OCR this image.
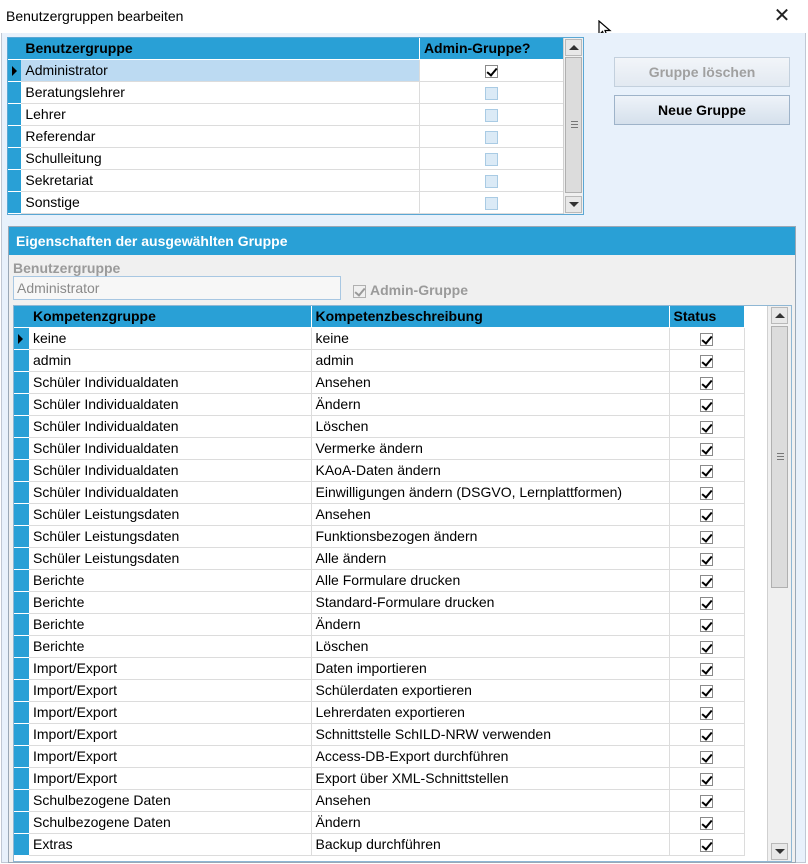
Benutzergruppen bearbeiten	✕
	Benutzergruppe	Admin-Gruppe?

	Administrator	
	Beratungslehrer	
	Lehrer	
	Referendar	
	Schulleitung	
	Sekretariat	
	Sonstige	
Gruppe löschen
Neue Gruppe
Eigenschaften der ausgewählten Gruppe
Benutzergruppe
Administrator	Admin-Gruppe
	Kompetenzgruppe	Kompetenzbeschreibung	Status

	keine	keine	
	admin	admin	
	Schüler Individualdaten	Ansehen	
	Schüler Individualdaten	Ändern	
	Schüler Individualdaten	Löschen	
	Schüler Individualdaten	Vermerke ändern	
	Schüler Individualdaten	KAoA-Daten ändern	
	Schüler Individualdaten	Einwilligungen ändern (DSGVO, Lernplattformen)	
	Schüler Leistungsdaten	Ansehen	
	Schüler Leistungsdaten	Funktionsbezogen ändern	
	Schüler Leistungsdaten	Alle ändern	
	Berichte	Alle Formulare drucken	
	Berichte	Standard-Formulare drucken	
	Berichte	Ändern	
	Berichte	Löschen	
	Import/Export	Daten importieren	
	Import/Export	Schülerdaten exportieren	
	Import/Export	Lehrerdaten exportieren	
	Import/Export	Schnittstelle SchILD-NRW verwenden	
	Import/Export	Access-DB-Export durchführen	
	Import/Export	Export über XML-Schnittstellen	
	Schulbezogene Daten	Ansehen	
	Schulbezogene Daten	Ändern	
	Extras	Backup durchführen	
